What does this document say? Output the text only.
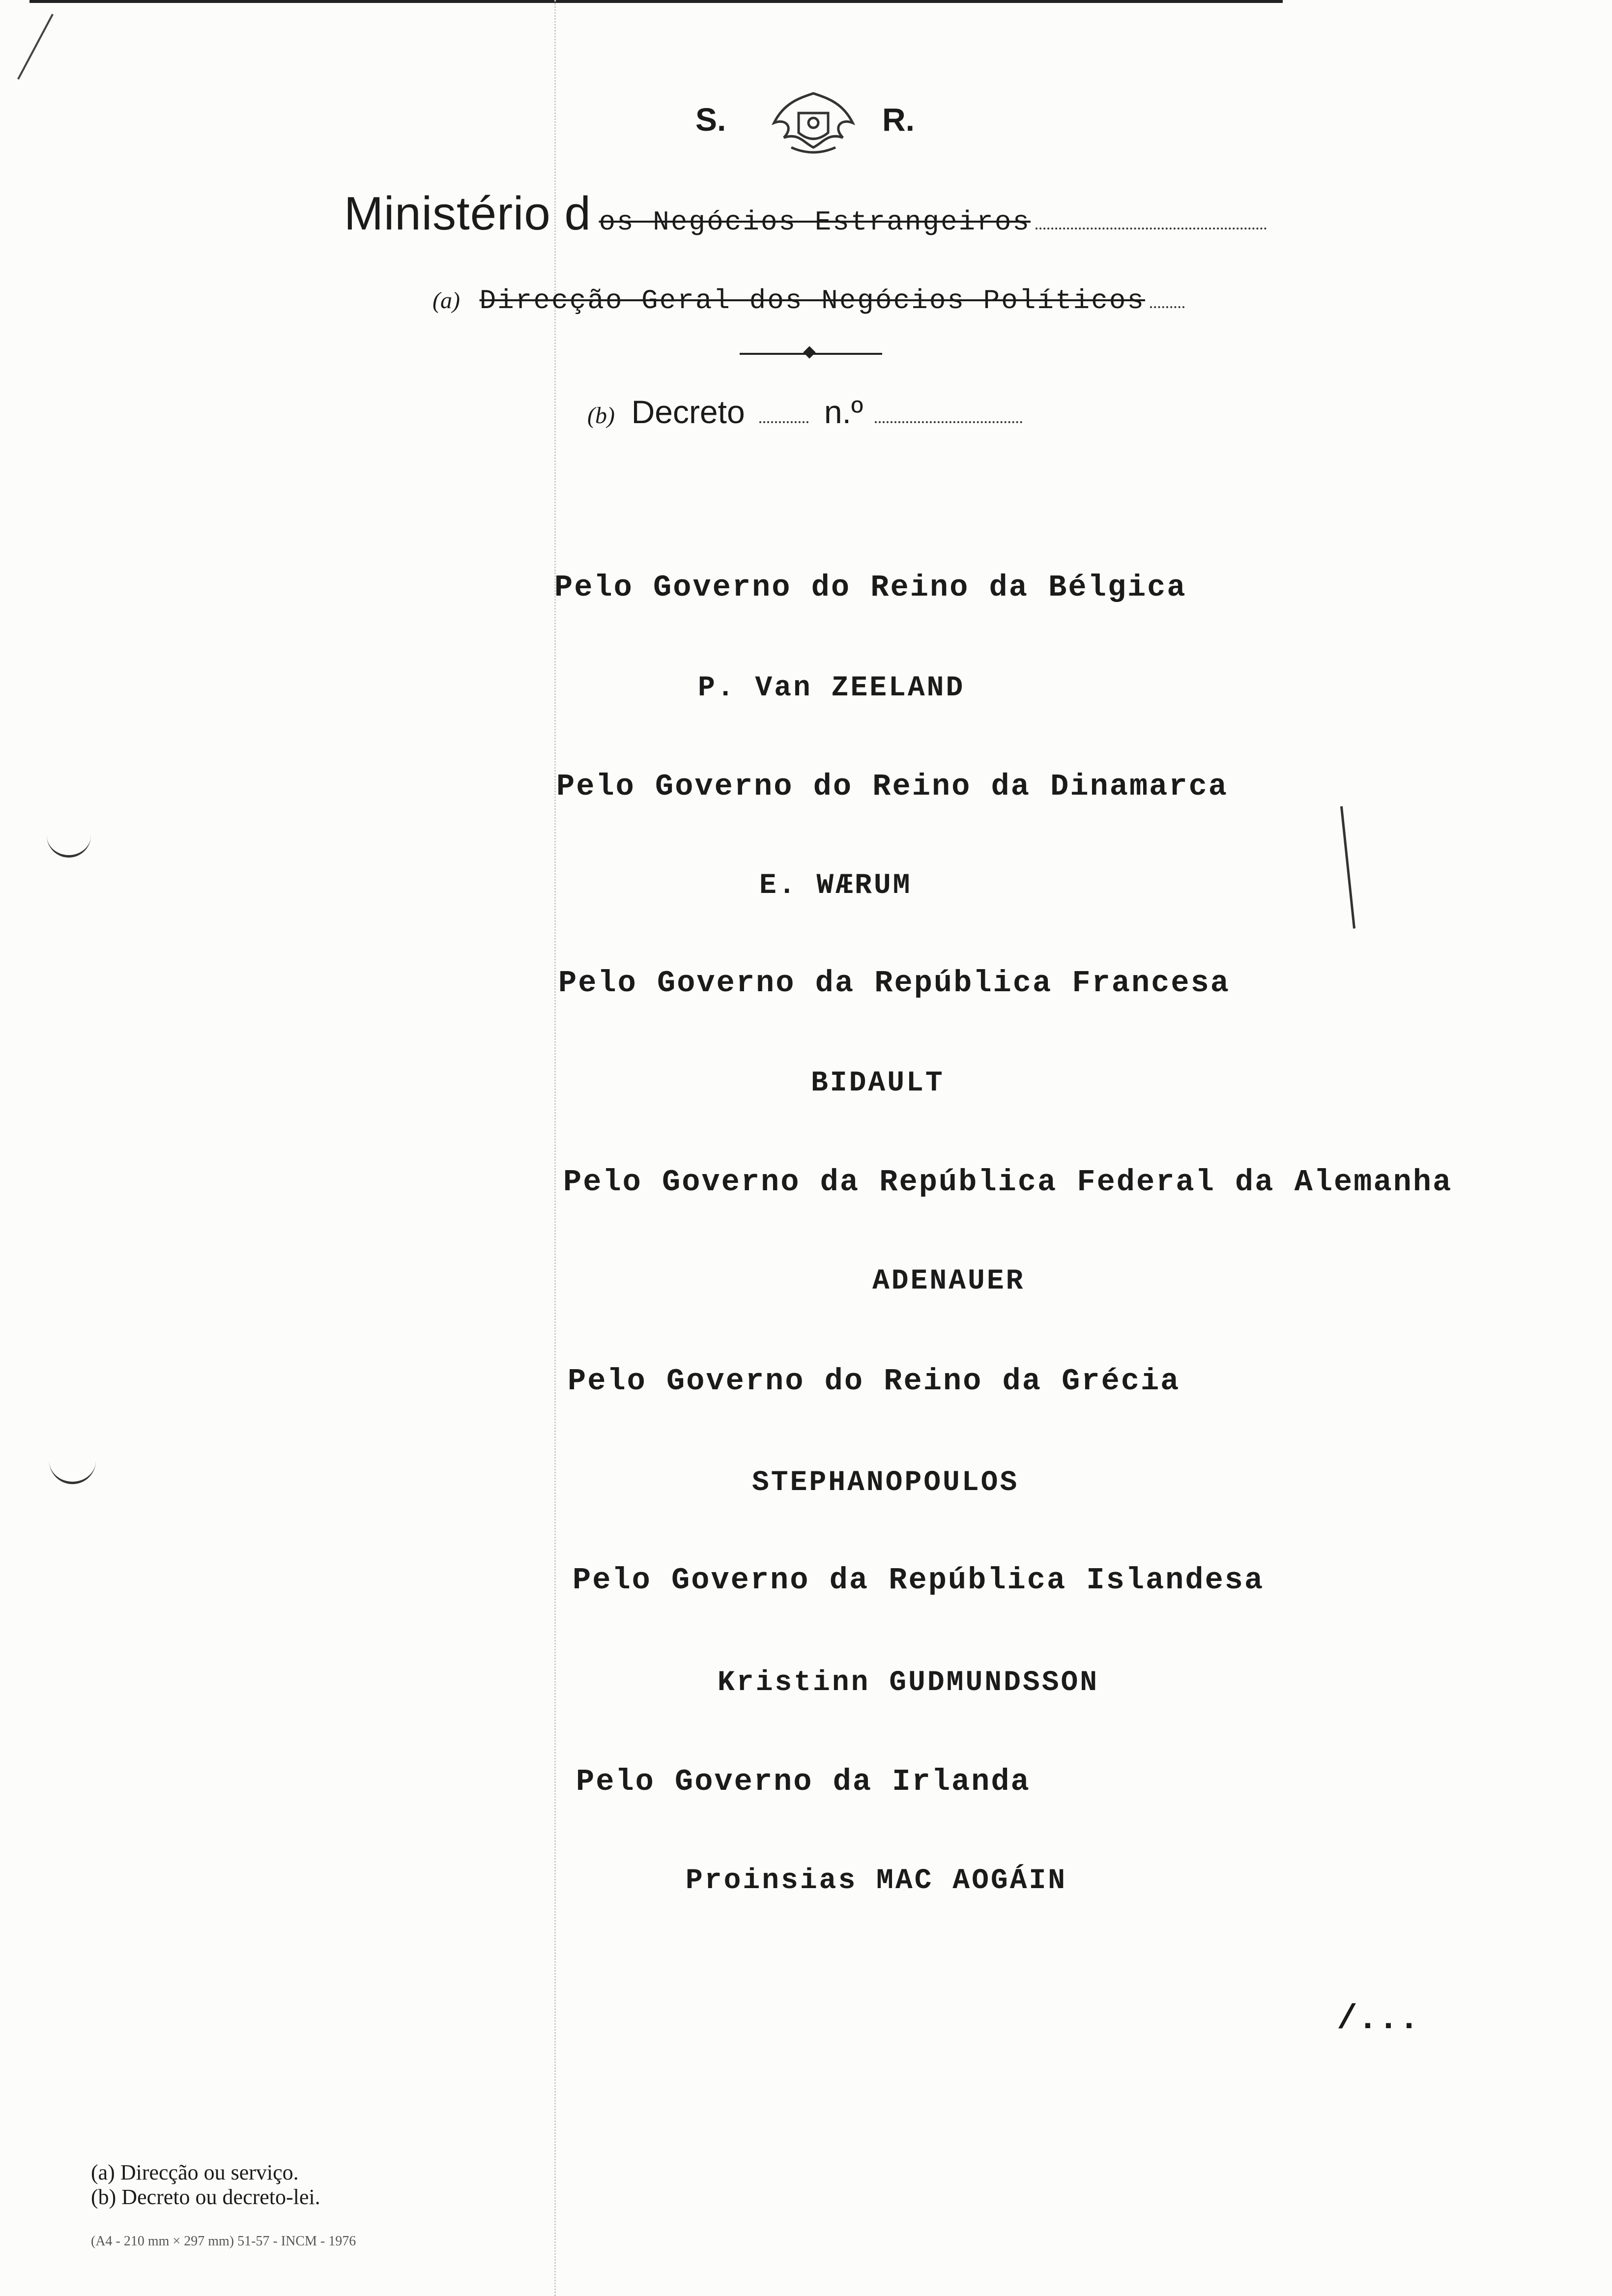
S.	R.
Ministério d os Negócios Estrangeiros
(a) Direcção Geral dos Negócios Políticos
(b) Decreto n.º
Pelo Governo do Reino da Bélgica
P. Van ZEELAND
Pelo Governo do Reino da Dinamarca
E. WÆRUM
Pelo Governo da República Francesa
BIDAULT
Pelo Governo da República Federal da Alemanha
ADENAUER
Pelo Governo do Reino da Grécia
STEPHANOPOULOS
Pelo Governo da República Islandesa
Kristinn GUDMUNDSSON
Pelo Governo da Irlanda
Proinsias MAC AOGÁIN
/...
(a) Direcção ou serviço.
(b) Decreto ou decreto-lei.
(A4 - 210 mm × 297 mm) 51-57 - INCM - 1976
